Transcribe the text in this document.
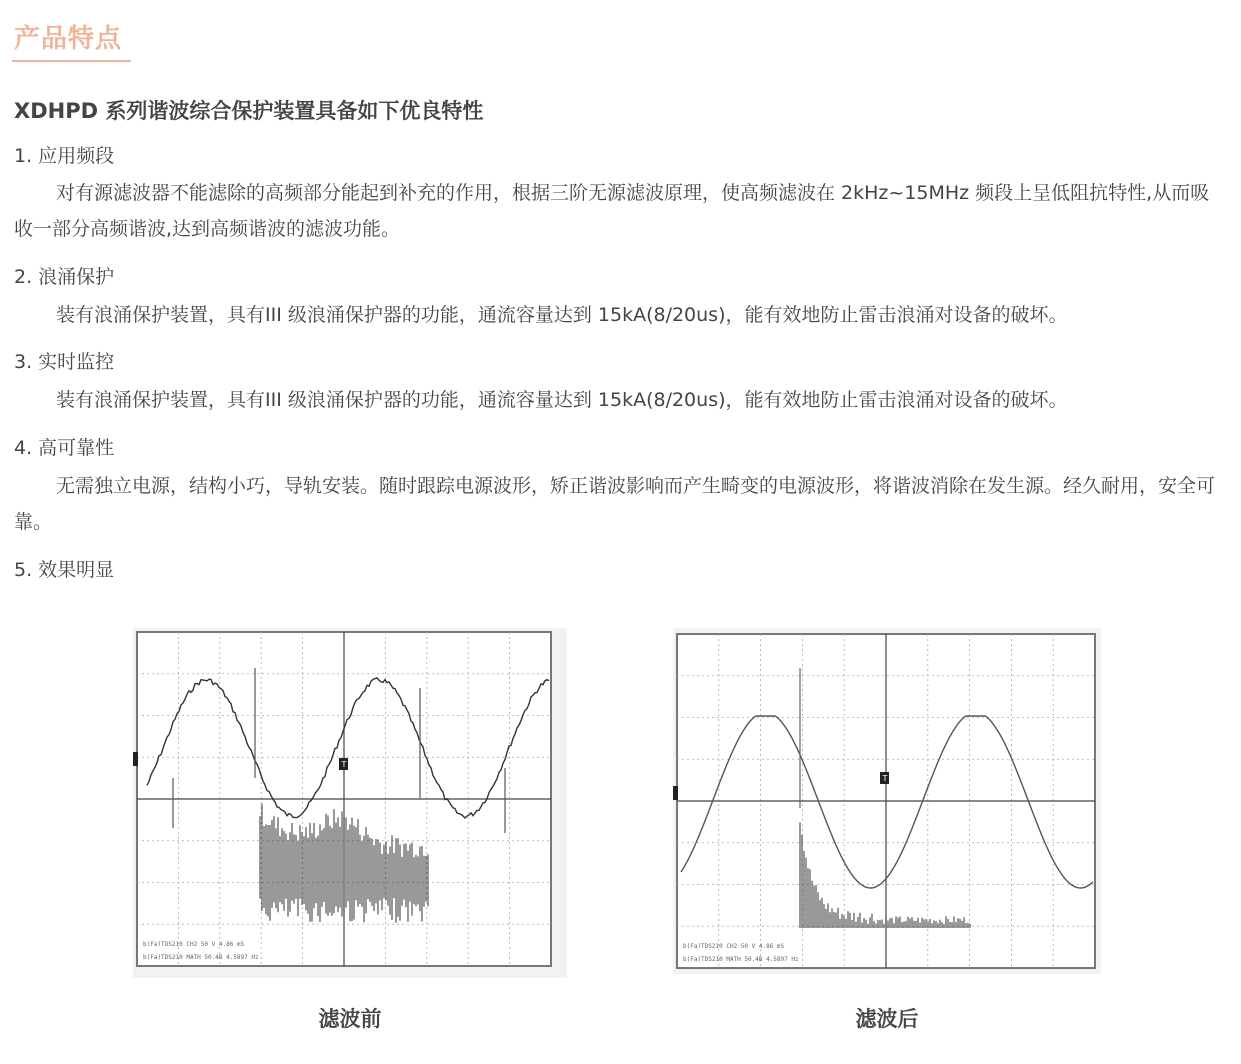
产品特点
XDHPD 系列谐波综合保护装置具备如下优良特性
1. 应用频段

对有源滤波器不能滤除的高频部分能起到补充的作用，根据三阶无源滤波原理，使高频滤波在 2kHz~15MHz 频段上呈低阻抗特性,从而吸收一部分高频谐波,达到高频谐波的滤波功能。

2. 浪涌保护

装有浪涌保护装置，具有III 级浪涌保护器的功能，通流容量达到 15kA(8/20us)，能有效地防止雷击浪涌对设备的破坏。

3. 实时监控

装有浪涌保护装置，具有III 级浪涌保护器的功能，通流容量达到 15kA(8/20us)，能有效地防止雷击浪涌对设备的破坏。

4. 高可靠性

无需独立电源，结构小巧，导轨安装。随时跟踪电源波形，矫正谐波影响而产生畸变的电源波形，将谐波消除在发生源。经久耐用，安全可靠。

5. 效果明显
T
b(Fa)TDS210 CH2 50 V 4.86 mS
b(Fa)TDS210 MATH 50.4B 4.5897 Hz
滤波前
T
b(Fa)TDS210 CH2 50 V 4.86 mS
b(Fa)TDS210 MATH 50.4B 4.5897 Hz
滤波后
